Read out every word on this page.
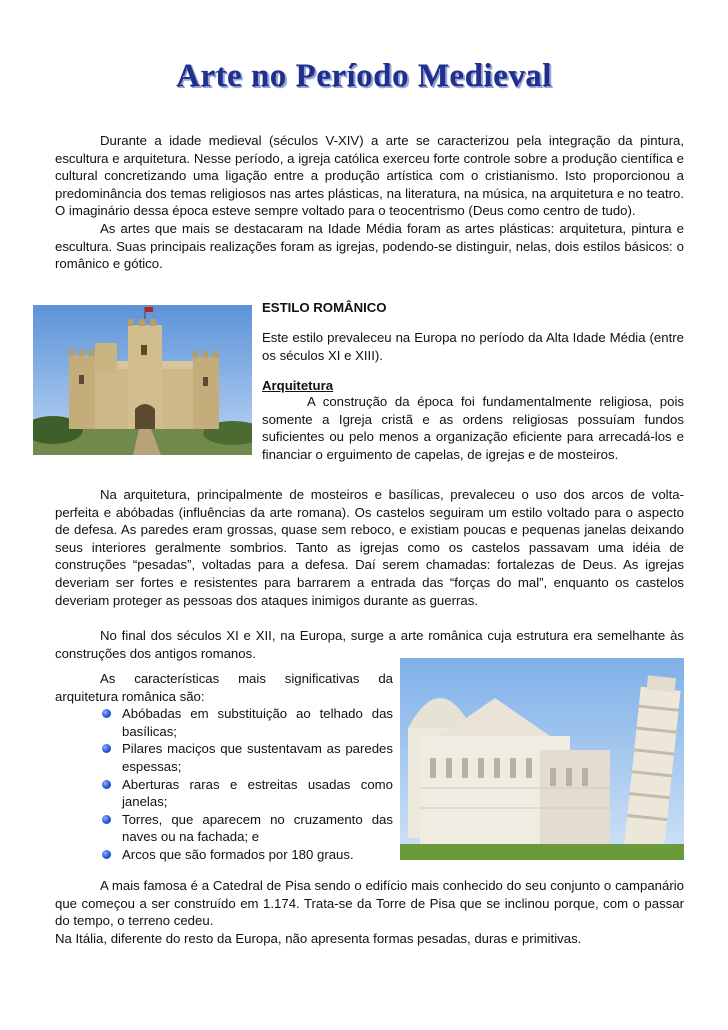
Arte no Período Medieval

Durante a idade medieval (séculos V-XIV) a arte se caracterizou pela integração da pintura, escultura e arquitetura. Nesse período, a igreja católica exerceu forte controle sobre a produção científica e cultural concretizando uma ligação entre a produção artística com o cristianismo. Isto proporcionou a predominância dos temas religiosos nas artes plásticas, na literatura, na música, na arquitetura e no teatro. O imaginário dessa época esteve sempre voltado para o teocentrismo (Deus como centro de tudo).

As artes que mais se destacaram na Idade Média foram as artes plásticas: arquitetura, pintura e escultura. Suas principais realizações foram as igrejas, podendo-se distinguir, nelas, dois estilos básicos: o românico e gótico.

ESTILO ROMÂNICO

Este estilo prevaleceu na Europa no período da Alta Idade Média (entre os séculos XI e XIII).

Arquitetura

A construção da época foi fundamentalmente religiosa, pois somente a Igreja cristã e as ordens religiosas possuíam fundos suficientes ou pelo menos a organização eficiente para arrecadá-los e financiar o erguimento de capelas, de igrejas e de mosteiros.

Na arquitetura, principalmente de mosteiros e basílicas, prevaleceu o uso dos arcos de volta-perfeita e abóbadas (influências da arte romana). Os castelos seguiram um estilo voltado para o aspecto de defesa. As paredes eram grossas, quase sem reboco, e existiam poucas e pequenas janelas deixando seus interiores geralmente sombrios. Tanto as igrejas como os castelos passavam uma idéia de construções “pesadas”, voltadas para a defesa. Daí serem chamadas: fortalezas de Deus. As igrejas deveriam ser fortes e resistentes para barrarem a entrada das “forças do mal”, enquanto os castelos deveriam proteger as pessoas dos ataques inimigos durante as guerras.

No final dos séculos XI e XII, na Europa, surge a arte românica cuja estrutura era semelhante às construções dos antigos romanos.

As características mais significativas da arquitetura românica são:

Abóbadas em substituição ao telhado das basílicas;
Pilares maciços que sustentavam as paredes espessas;
Aberturas raras e estreitas usadas como janelas;
Torres, que aparecem no cruzamento das naves ou na fachada; e
Arcos que são formados por 180 graus.

A mais famosa é a Catedral de Pisa sendo o edifício mais conhecido do seu conjunto o campanário que começou a ser construído em 1.174. Trata-se da Torre de Pisa que se inclinou porque, com o passar do tempo, o terreno cedeu.

Na Itália, diferente do resto da Europa, não apresenta formas pesadas, duras e primitivas.
